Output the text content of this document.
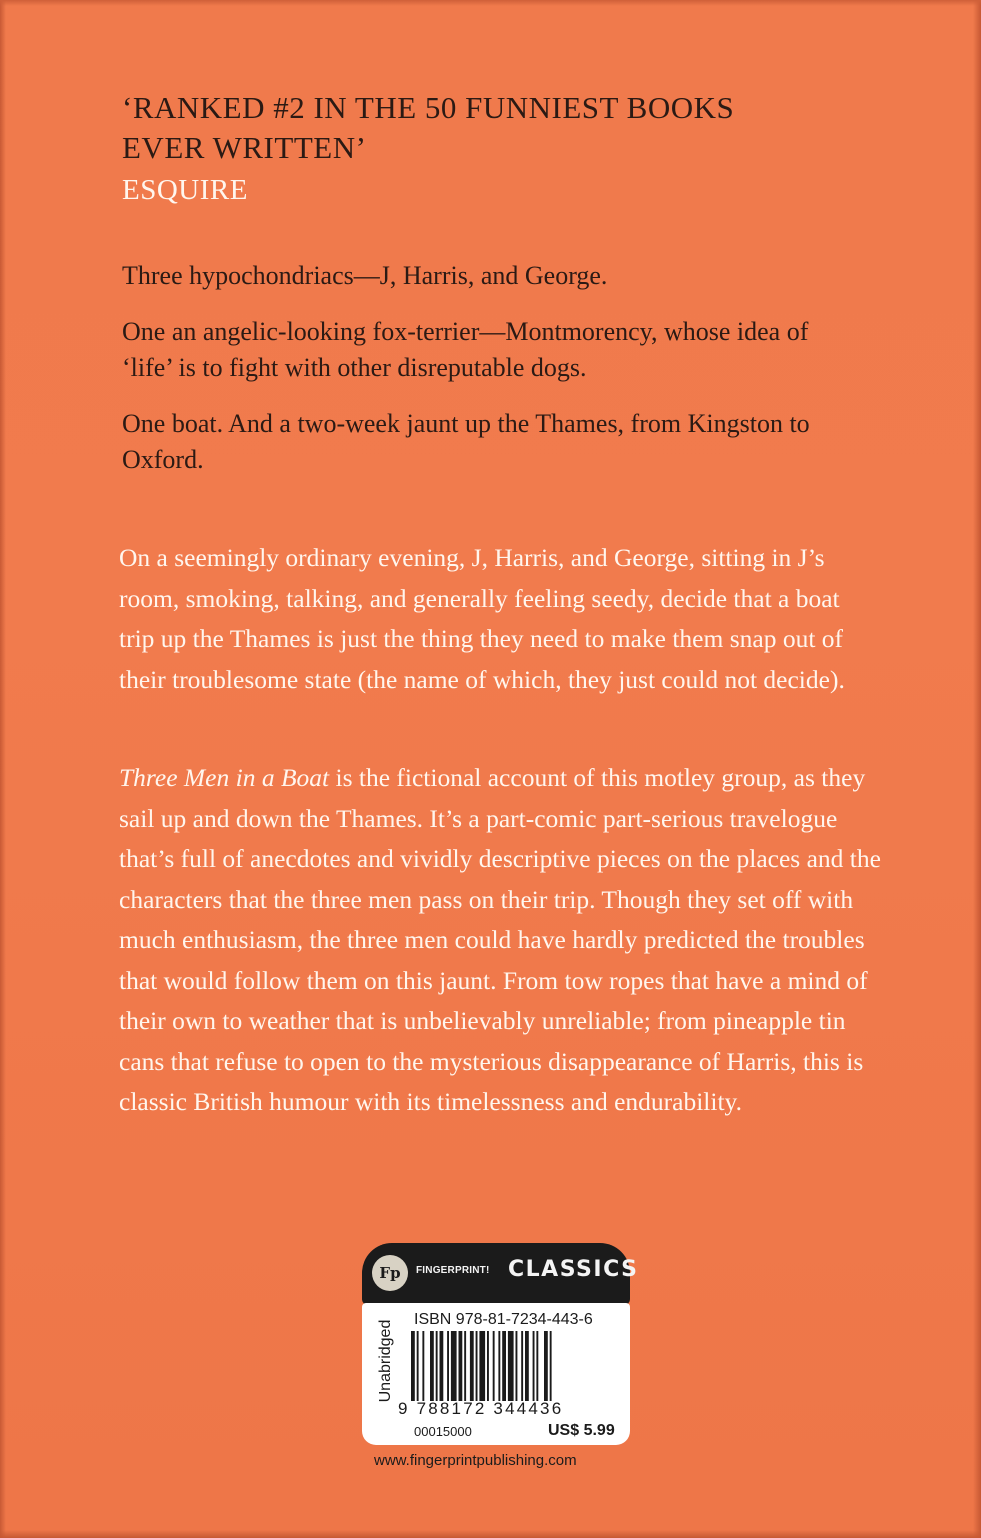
‘RANKED #2 IN THE 50 FUNNIEST BOOKS
EVER WRITTEN’
ESQUIRE

Three hypochondriacs—J, Harris, and George.

One an angelic-looking fox-terrier—Montmorency, whose idea of ‘life’ is to fight with other disreputable dogs.

One boat. And a two-week jaunt up the Thames, from Kingston to Oxford.

On a seemingly ordinary evening, J, Harris, and George, sitting in J’s room, smoking, talking, and generally feeling seedy, decide that a boat trip up the Thames is just the thing they need to make them snap out of their troublesome state (the name of which, they just could not decide).

Three Men in a Boat is the fictional account of this motley group, as they sail up and down the Thames. It’s a part-comic part-serious travelogue that’s full of anecdotes and vividly descriptive pieces on the places and the characters that the three men pass on their trip. Though they set off with much enthusiasm, the three men could have hardly predicted the troubles that would follow them on this jaunt. From tow ropes that have a mind of their own to weather that is unbelievably unreliable; from pineapple tin cans that refuse to open to the mysterious disappearance of Harris, this is classic British humour with its timelessness and endurability.

Fp	FINGERPRINT! CLASSICS
Unabridged
ISBN 978-81-7234-443-6
9 788172 344436
00015000	US$ 5.99
www.fingerprintpublishing.com
